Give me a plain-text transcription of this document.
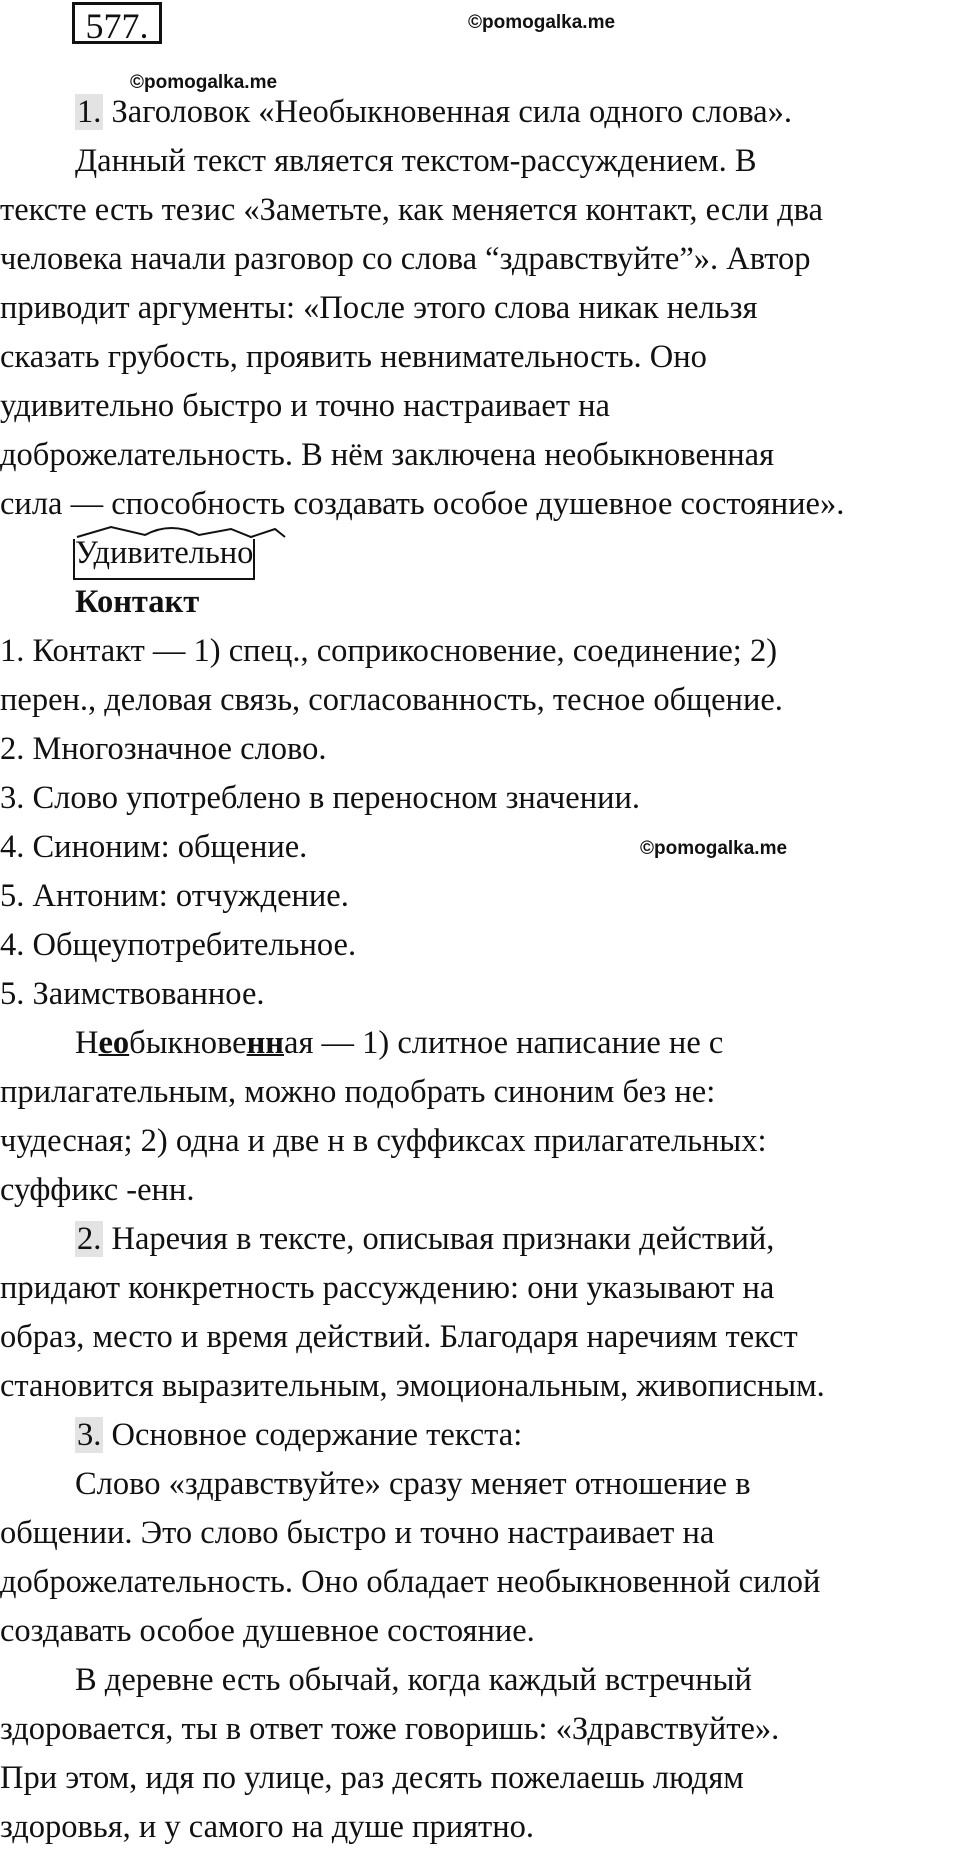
577.	©pomogalka.me
©pomogalka.me
©pomogalka.me
1. Заголовок «Необыкновенная сила одного слова».
Данный текст является текстом-рассуждением. В
тексте есть тезис «Заметьте, как меняется контакт, если два
человека начали разговор со слова “здравствуйте”». Автор
приводит аргументы: «После этого слова никак нельзя
сказать грубость, проявить невнимательность. Оно
удивительно быстро и точно настраивает на
доброжелательность. В нём заключена необыкновенная
сила — способность создавать особое душевное состояние».
Удивительно
Контакт
1. Контакт — 1) спец., соприкосновение, соединение; 2)
перен., деловая связь, согласованность, тесное общение.
2. Многозначное слово.
3. Слово употреблено в переносном значении.
4. Синоним: общение.
5. Антоним: отчуждение.
4. Общеупотребительное.
5. Заимствованное.
Необыкновенная — 1) слитное написание не с
прилагательным, можно подобрать синоним без не:
чудесная; 2) одна и две н в суффиксах прилагательных:
суффикс -енн.
2. Наречия в тексте, описывая признаки действий,
придают конкретность рассуждению: они указывают на
образ, место и время действий. Благодаря наречиям текст
становится выразительным, эмоциональным, живописным.
3. Основное содержание текста:
Слово «здравствуйте» сразу меняет отношение в
общении. Это слово быстро и точно настраивает на
доброжелательность. Оно обладает необыкновенной силой
создавать особое душевное состояние.
В деревне есть обычай, когда каждый встречный
здоровается, ты в ответ тоже говоришь: «Здравствуйте».
При этом, идя по улице, раз десять пожелаешь людям
здоровья, и у самого на душе приятно.
